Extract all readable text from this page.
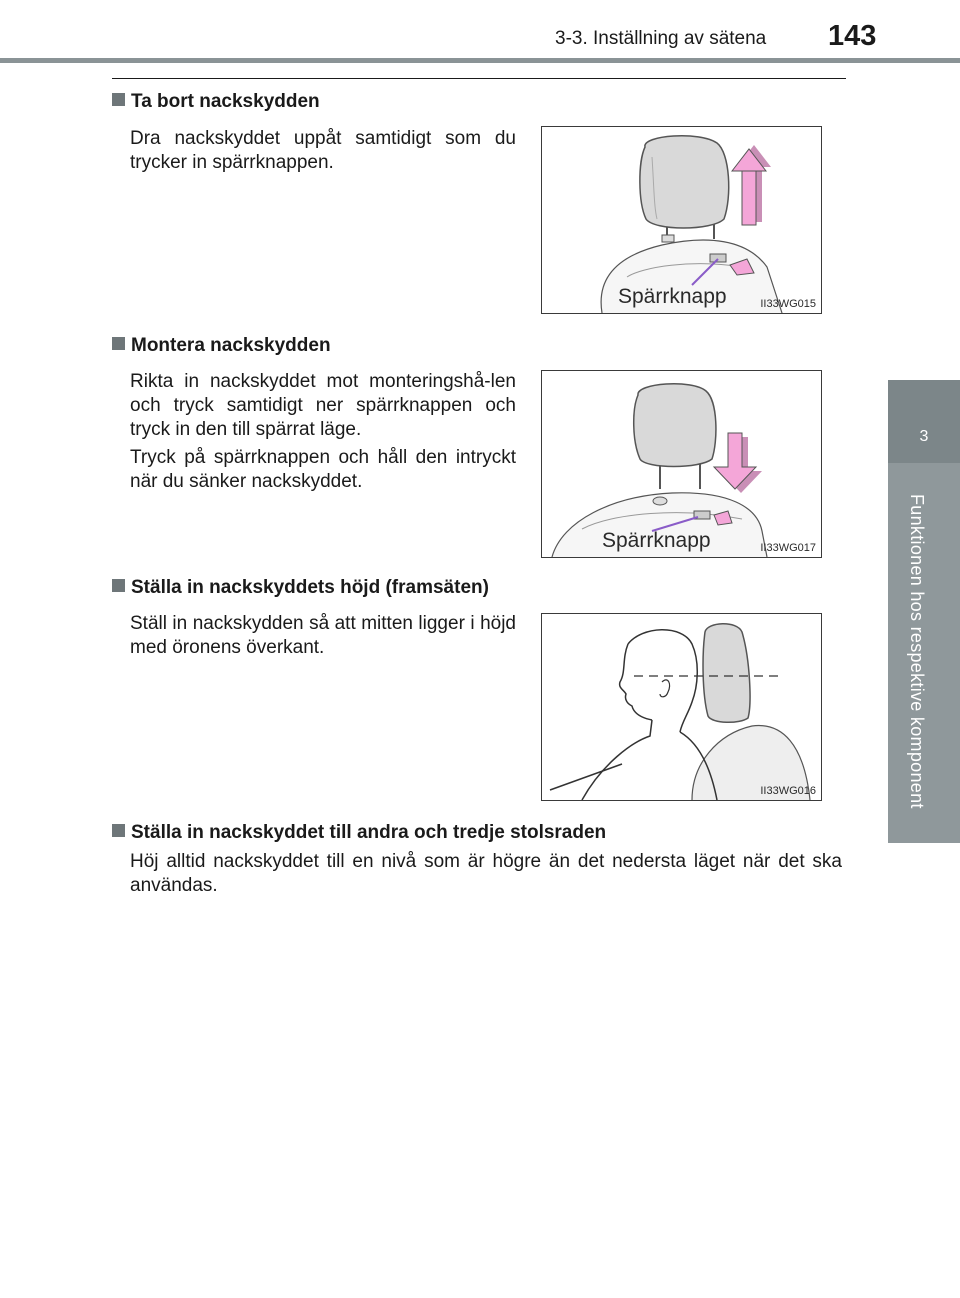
3-3. Inställning av sätena 143
3
Funktionen hos respektive komponent
Ta bort nackskydden
Dra nackskyddet uppåt samtidigt som du trycker in spärrknappen.
Spärrknapp	II33WG015
Montera nackskydden
Rikta in nackskyddet mot monteringshå-len och tryck samtidigt ner spärrknappen och tryck in den till spärrat läge.
Tryck på spärrknappen och håll den intryckt när du sänker nackskyddet.
Spärrknapp	II33WG017
Ställa in nackskyddets höjd (framsäten)
Ställ in nackskydden så att mitten ligger i höjd med öronens överkant.
II33WG016
Ställa in nackskyddet till andra och tredje stolsraden
Höj alltid nackskyddet till en nivå som är högre än det nedersta läget när det ska användas.
